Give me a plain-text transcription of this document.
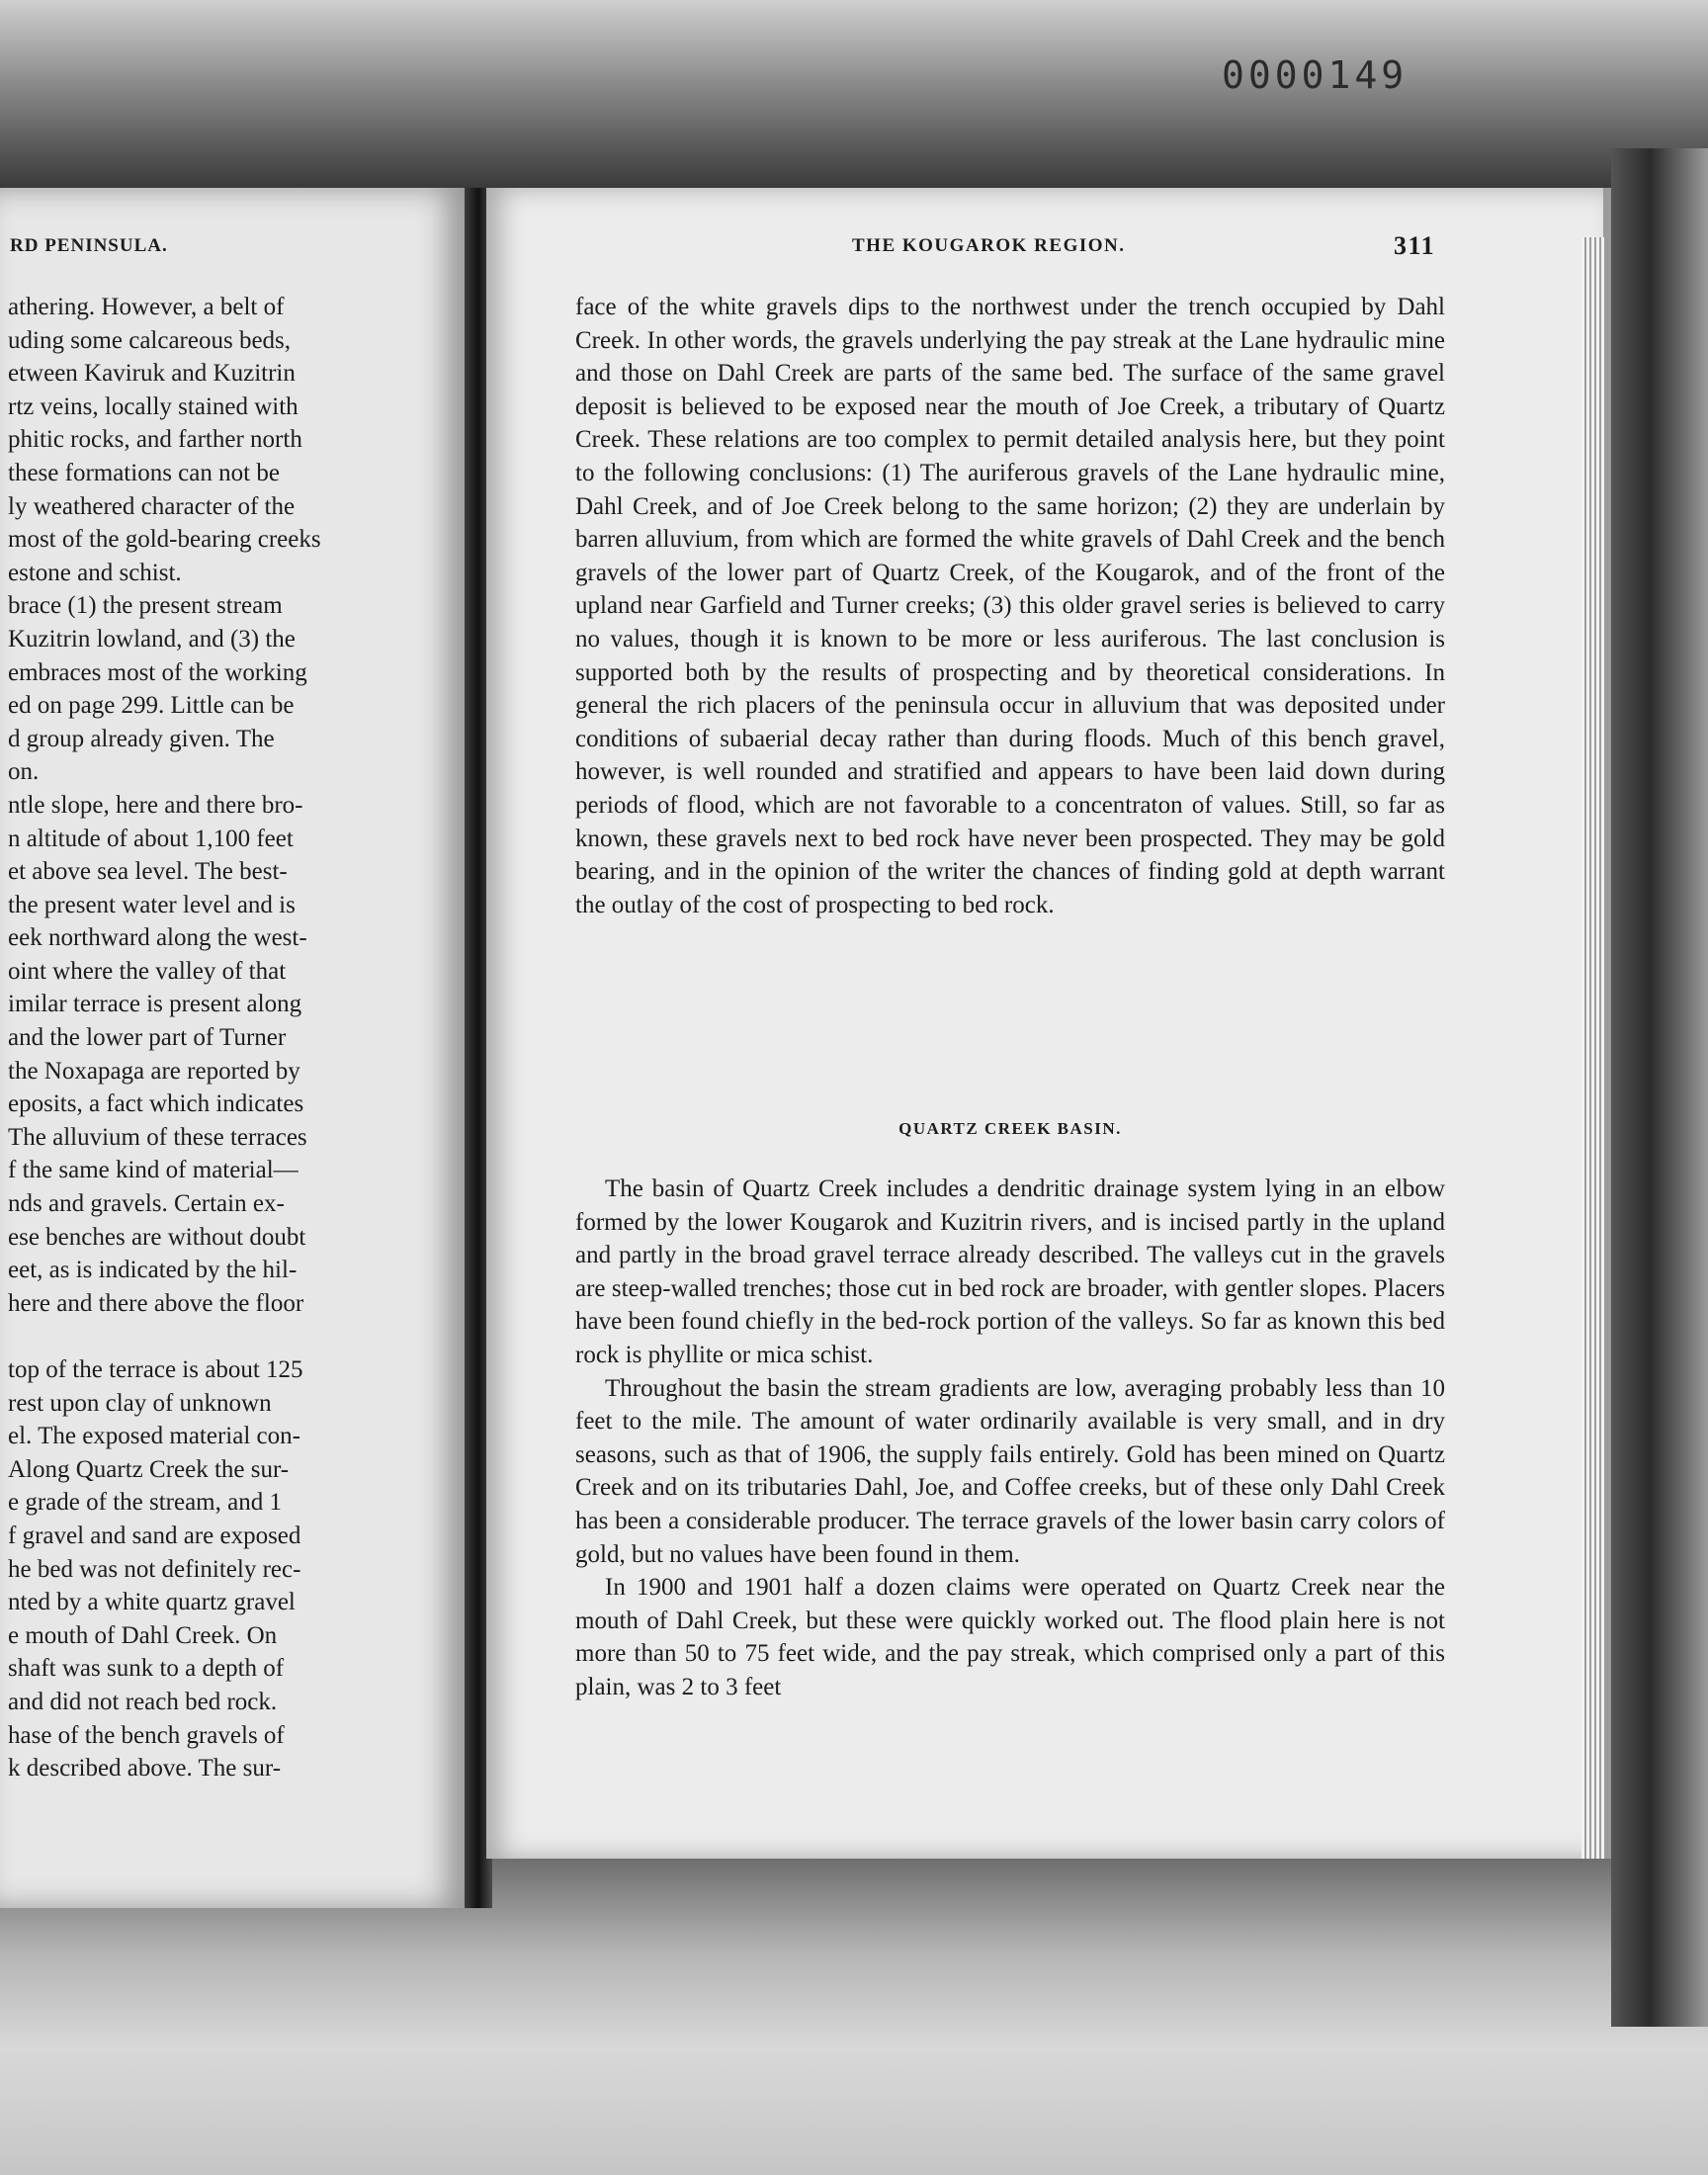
0000149
RD PENINSULA.
athering. However, a belt of
uding some calcareous beds,
etween Kaviruk and Kuzitrin
rtz veins, locally stained with
phitic rocks, and farther north
these formations can not be
ly weathered character of the
most of the gold-bearing creeks
estone and schist.
brace (1) the present stream
Kuzitrin lowland, and (3) the
embraces most of the working
ed on page 299. Little can be
d group already given. The
on.
ntle slope, here and there bro-
n altitude of about 1,100 feet
et above sea level. The best-
the present water level and is
eek northward along the west-
oint where the valley of that
imilar terrace is present along
and the lower part of Turner
the Noxapaga are reported by
eposits, a fact which indicates
The alluvium of these terraces
f the same kind of material—
nds and gravels. Certain ex-
ese benches are without doubt
eet, as is indicated by the hil-
here and there above the floor
top of the terrace is about 125
rest upon clay of unknown
el. The exposed material con-
Along Quartz Creek the sur-
e grade of the stream, and 1
f gravel and sand are exposed
he bed was not definitely rec-
nted by a white quartz gravel
e mouth of Dahl Creek. On
shaft was sunk to a depth of
and did not reach bed rock.
hase of the bench gravels of
k described above. The sur-
THE KOUGAROK REGION.	311

face of the white gravels dips to the northwest under the trench occupied by Dahl Creek. In other words, the gravels underlying the pay streak at the Lane hydraulic mine and those on Dahl Creek are parts of the same bed. The surface of the same gravel deposit is believed to be exposed near the mouth of Joe Creek, a tributary of Quartz Creek. These relations are too complex to permit detailed analysis here, but they point to the following conclusions: (1) The auriferous gravels of the Lane hydraulic mine, Dahl Creek, and of Joe Creek belong to the same horizon; (2) they are underlain by barren alluvium, from which are formed the white gravels of Dahl Creek and the bench gravels of the lower part of Quartz Creek, of the Kougarok, and of the front of the upland near Garfield and Turner creeks; (3) this older gravel series is believed to carry no values, though it is known to be more or less auriferous. The last conclusion is supported both by the results of prospecting and by theoretical considerations. In general the rich placers of the peninsula occur in alluvium that was deposited under conditions of subaerial decay rather than during floods. Much of this bench gravel, however, is well rounded and stratified and appears to have been laid down during periods of flood, which are not favorable to a concentraton of values. Still, so far as known, these gravels next to bed rock have never been prospected. They may be gold bearing, and in the opinion of the writer the chances of finding gold at depth warrant the outlay of the cost of prospecting to bed rock.

QUARTZ CREEK BASIN.

The basin of Quartz Creek includes a dendritic drainage system lying in an elbow formed by the lower Kougarok and Kuzitrin rivers, and is incised partly in the upland and partly in the broad gravel terrace already described. The valleys cut in the gravels are steep-walled trenches; those cut in bed rock are broader, with gentler slopes. Placers have been found chiefly in the bed-rock portion of the valleys. So far as known this bed rock is phyllite or mica schist.

Throughout the basin the stream gradients are low, averaging probably less than 10 feet to the mile. The amount of water ordinarily available is very small, and in dry seasons, such as that of 1906, the supply fails entirely. Gold has been mined on Quartz Creek and on its tributaries Dahl, Joe, and Coffee creeks, but of these only Dahl Creek has been a considerable producer. The terrace gravels of the lower basin carry colors of gold, but no values have been found in them.

In 1900 and 1901 half a dozen claims were operated on Quartz Creek near the mouth of Dahl Creek, but these were quickly worked out. The flood plain here is not more than 50 to 75 feet wide, and the pay streak, which comprised only a part of this plain, was 2 to 3 feet
